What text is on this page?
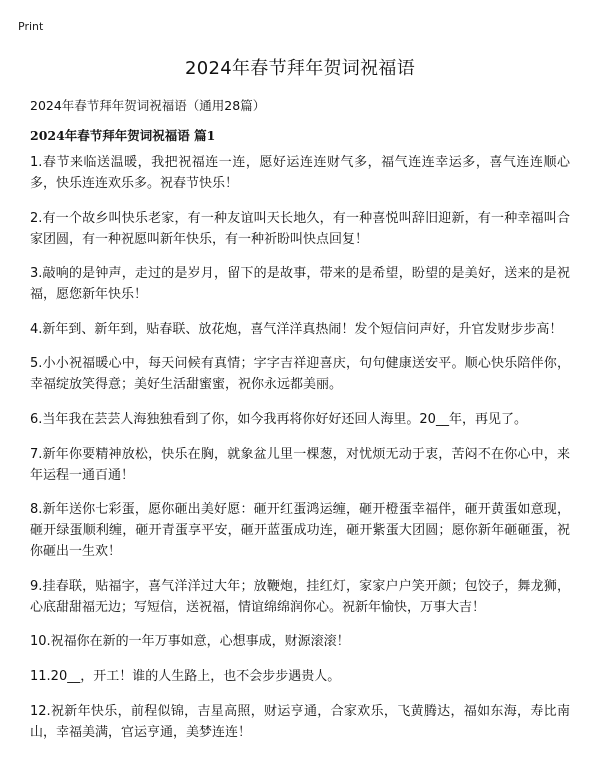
Print
2024年春节拜年贺词祝福语

2024年春节拜年贺词祝福语（通用28篇）

2024年春节拜年贺词祝福语 篇1

1.春节来临送温暖，我把祝福连一连，愿好运连连财气多，福气连连幸运多，喜气连连顺心多，快乐连连欢乐多。祝春节快乐！
2.有一个故乡叫快乐老家，有一种友谊叫天长地久，有一种喜悦叫辞旧迎新，有一种幸福叫合家团圆，有一种祝愿叫新年快乐，有一种祈盼叫快点回复！
3.敲响的是钟声，走过的是岁月，留下的是故事，带来的是希望，盼望的是美好，送来的是祝福，愿您新年快乐！
4.新年到、新年到，贴春联、放花炮，喜气洋洋真热闹！发个短信问声好，升官发财步步高！
5.小小祝福暖心中，每天问候有真情；字字吉祥迎喜庆，句句健康送安平。顺心快乐陪伴你，幸福绽放笑得意；美好生活甜蜜蜜，祝你永远都美丽。
6.当年我在芸芸人海独独看到了你，如今我再将你好好还回人海里。20__年，再见了。
7.新年你要精神放松，快乐在胸，就象盆儿里一棵葱，对忧烦无动于衷，苦闷不在你心中，来年运程一通百通！
8.新年送你七彩蛋，愿你砸出美好愿：砸开红蛋鸿运缠，砸开橙蛋幸福伴，砸开黄蛋如意现，砸开绿蛋顺利缠，砸开青蛋享平安，砸开蓝蛋成功连，砸开紫蛋大团圆；愿你新年砸砸蛋，祝你砸出一生欢！
9.挂春联，贴福字，喜气洋洋过大年；放鞭炮，挂红灯，家家户户笑开颜；包饺子，舞龙狮，心底甜甜福无边；写短信，送祝福，情谊绵绵润你心。祝新年愉快，万事大吉！
10.祝福你在新的一年万事如意，心想事成，财源滚滚！
11.20__，开工！谁的人生路上，也不会步步遇贵人。
12.祝新年快乐，前程似锦，吉星高照，财运亨通，合家欢乐，飞黄腾达，福如东海，寿比南山，幸福美满，官运亨通，美梦连连！
